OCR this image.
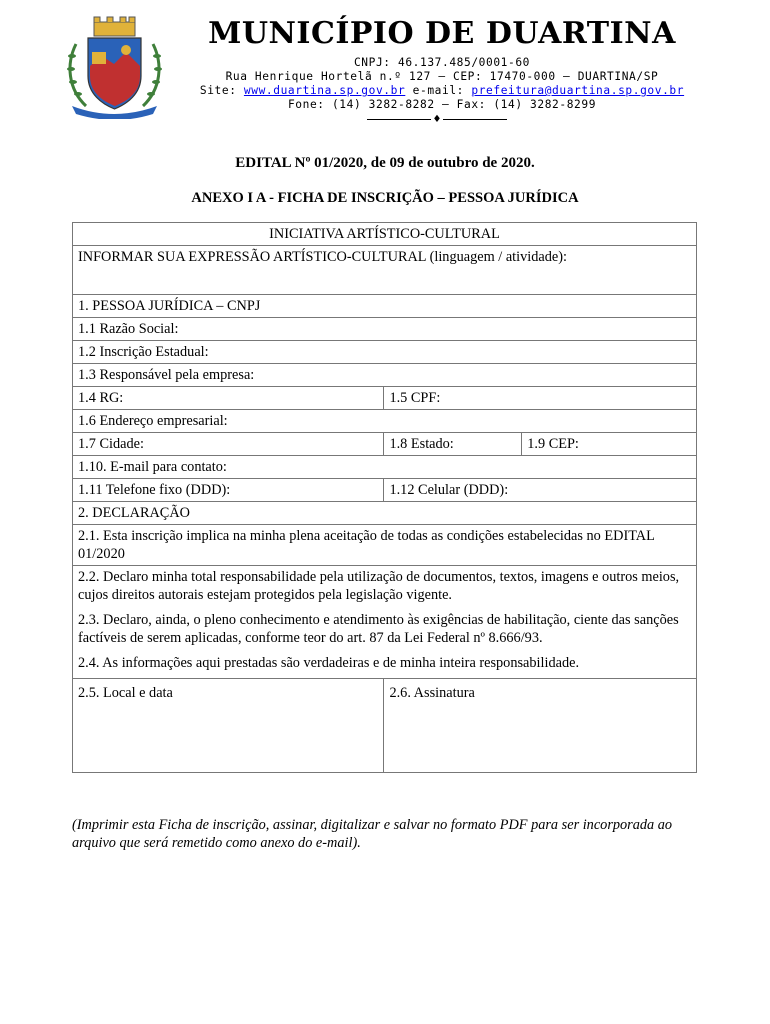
MUNICÍPIO DE DUARTINA
CNPJ: 46.137.485/0001-60
Rua Henrique Hortelã n.º 127 – CEP: 17470-000 – DUARTINA/SP
Site: www.duartina.sp.gov.br e-mail: prefeitura@duartina.sp.gov.br
Fone: (14) 3282-8282 – Fax: (14) 3282-8299
♦
EDITAL Nº 01/2020, de 09 de outubro de 2020.
ANEXO I A - FICHA DE INSCRIÇÃO – PESSOA JURÍDICA
INICIATIVA ARTÍSTICO-CULTURAL		
INFORMAR SUA EXPRESSÃO ARTÍSTICO-CULTURAL (linguagem / atividade):		
1. PESSOA JURÍDICA – CNPJ		
1.1 Razão Social:		
1.2 Inscrição Estadual:		
1.3 Responsável pela empresa:		
1.4 RG:	1.5 CPF:	
1.6 Endereço empresarial:		
1.7 Cidade:	1.8 Estado:	1.9 CEP:
1.10. E-mail para contato:		
1.11 Telefone fixo (DDD):	1.12 Celular (DDD):	
2. DECLARAÇÃO		
2.1. Esta inscrição implica na minha plena aceitação de todas as condições estabelecidas no EDITAL 01/2020		
2.2. Declaro minha total responsabilidade pela utilização de documentos, textos, imagens e outros meios, cujos direitos autorais estejam protegidos pela legislação vigente.		
2.3. Declaro, ainda, o pleno conhecimento e atendimento às exigências de habilitação, ciente das sanções factíveis de serem aplicadas, conforme teor do art. 87 da Lei Federal nº 8.666/93.		
2.4. As informações aqui prestadas são verdadeiras e de minha inteira responsabilidade.		
2.5. Local e data	2.6. Assinatura	
(Imprimir esta Ficha de inscrição, assinar, digitalizar e salvar no formato PDF para ser incorporada ao arquivo que será remetido como anexo do e-mail).
